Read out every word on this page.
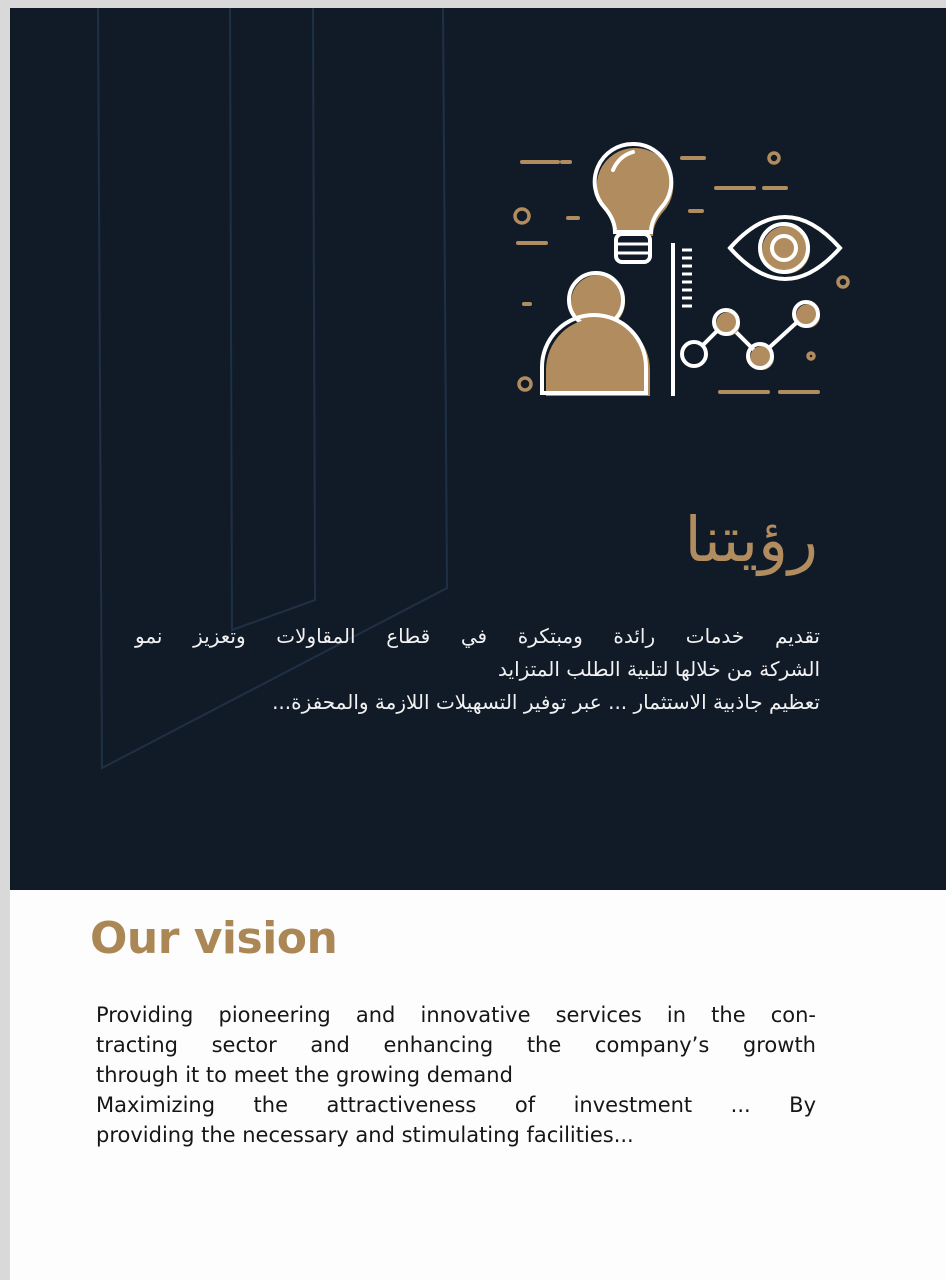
رؤيتنا
تقديم خدمات رائدة ومبتكرة في قطاع المقاولات وتعزيز نمو
الشركة من خلالها لتلبية الطلب المتزايد
تعظيم جاذبية الاستثمار ... عبر توفير التسهيلات اللازمة والمحفزة...
Our vision
Providing pioneering and innovative services in the con-
tracting sector and enhancing the company’s growth
through it to meet the growing demand
Maximizing the attractiveness of investment ... By
providing the necessary and stimulating facilities...
